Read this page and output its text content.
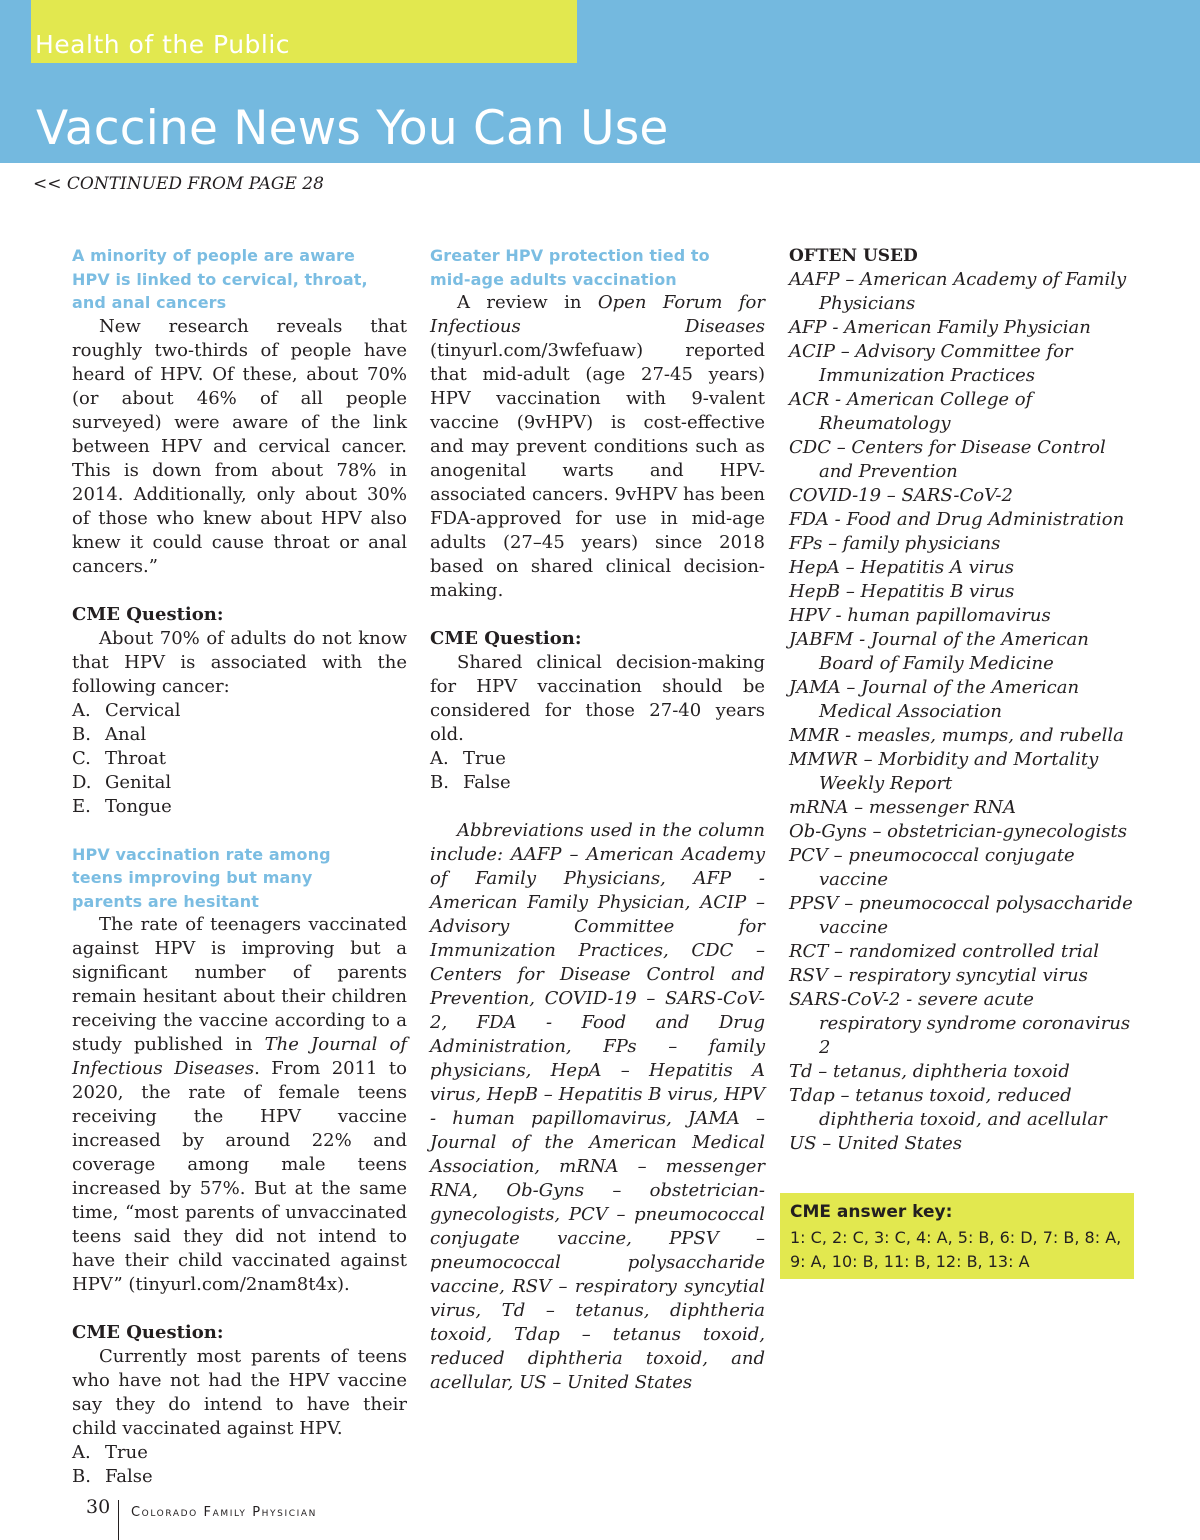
Health of the Public
Vaccine News You Can Use
<< CONTINUED FROM PAGE 28
A minority of people are aware
HPV is linked to cervical, throat,
and anal cancers

New research reveals that roughly two-thirds of people have heard of HPV. Of these, about 70% (or about 46% of all people surveyed) were aware of the link between HPV and cervical cancer. This is down from about 78% in 2014. Additionally, only about 30% of those who knew about HPV also knew it could cause throat or anal cancers.”

CME Question:

About 70% of adults do not know that HPV is associated with the following cancer:

A. Cervical
B. Anal
C. Throat
D. Genital
E. Tongue
HPV vaccination rate among
teens improving but many
parents are hesitant

The rate of teenagers vaccinated against HPV is improving but a significant number of parents remain hesitant about their children receiving the vaccine according to a study published in The Journal of Infectious Diseases. From 2011 to 2020, the rate of female teens receiving the HPV vaccine increased by around 22% and coverage among male teens increased by 57%. But at the same time, “most parents of unvaccinated teens said they did not intend to have their child vaccinated against HPV” (tinyurl.com/2nam8t4x).

CME Question:

Currently most parents of teens who have not had the HPV vaccine say they do intend to have their child vaccinated against HPV.

A. True
B. False
Greater HPV protection tied to
mid-age adults vaccination

A review in Open Forum for Infectious Diseases (tinyurl.com/3wfefuaw) reported that mid-adult (age 27-45 years) HPV vaccination with 9-valent vaccine (9vHPV) is cost-effective and may prevent conditions such as anogenital warts and HPV-associated cancers. 9vHPV has been FDA-approved for use in mid-age adults (27–45 years) since 2018 based on shared clinical decision-making.

CME Question:

Shared clinical decision-making for HPV vaccination should be considered for those 27-40 years old.

A. True
B. False

Abbreviations used in the column include: AAFP – American Academy of Family Physicians, AFP - American Family Physician, ACIP – Advisory Committee for Immunization Practices, CDC – Centers for Disease Control and Prevention, COVID-19 – SARS-CoV-2, FDA - Food and Drug Administration, FPs – family physicians, HepA – Hepatitis A virus, HepB – Hepatitis B virus, HPV - human papillomavirus, JAMA – Journal of the American Medical Association, mRNA – messenger RNA, Ob-Gyns – obstetrician-gynecologists, PCV – pneumococcal conjugate vaccine, PPSV – pneumococcal polysaccharide vaccine, RSV – respiratory syncytial virus, Td – tetanus, diphtheria toxoid, Tdap – tetanus toxoid, reduced diphtheria toxoid, and acellular, US – United States

OFTEN USED
AAFP – American Academy of Family Physicians
AFP - American Family Physician
ACIP – Advisory Committee for Immunization Practices
ACR - American College of Rheumatology
CDC – Centers for Disease Control and Prevention
COVID-19 – SARS-CoV-2
FDA - Food and Drug Administration
FPs – family physicians
HepA – Hepatitis A virus
HepB – Hepatitis B virus
HPV - human papillomavirus
JABFM - Journal of the American Board of Family Medicine
JAMA – Journal of the American Medical Association
MMR - measles, mumps, and rubella
MMWR – Morbidity and Mortality Weekly Report
mRNA – messenger RNA
Ob-Gyns – obstetrician-gynecologists
PCV – pneumococcal conjugate vaccine
PPSV – pneumococcal polysaccharide vaccine
RCT – randomized controlled trial
RSV – respiratory syncytial virus
SARS-CoV-2 - severe acute respiratory syndrome coronavirus 2
Td – tetanus, diphtheria toxoid
Tdap – tetanus toxoid, reduced diphtheria toxoid, and acellular
US – United States
CME answer key:
1: C, 2: C, 3: C, 4: A, 5: B, 6: D, 7: B, 8: A, 9: A, 10: B, 11: B, 12: B, 13: A
30 Colorado Family Physician
